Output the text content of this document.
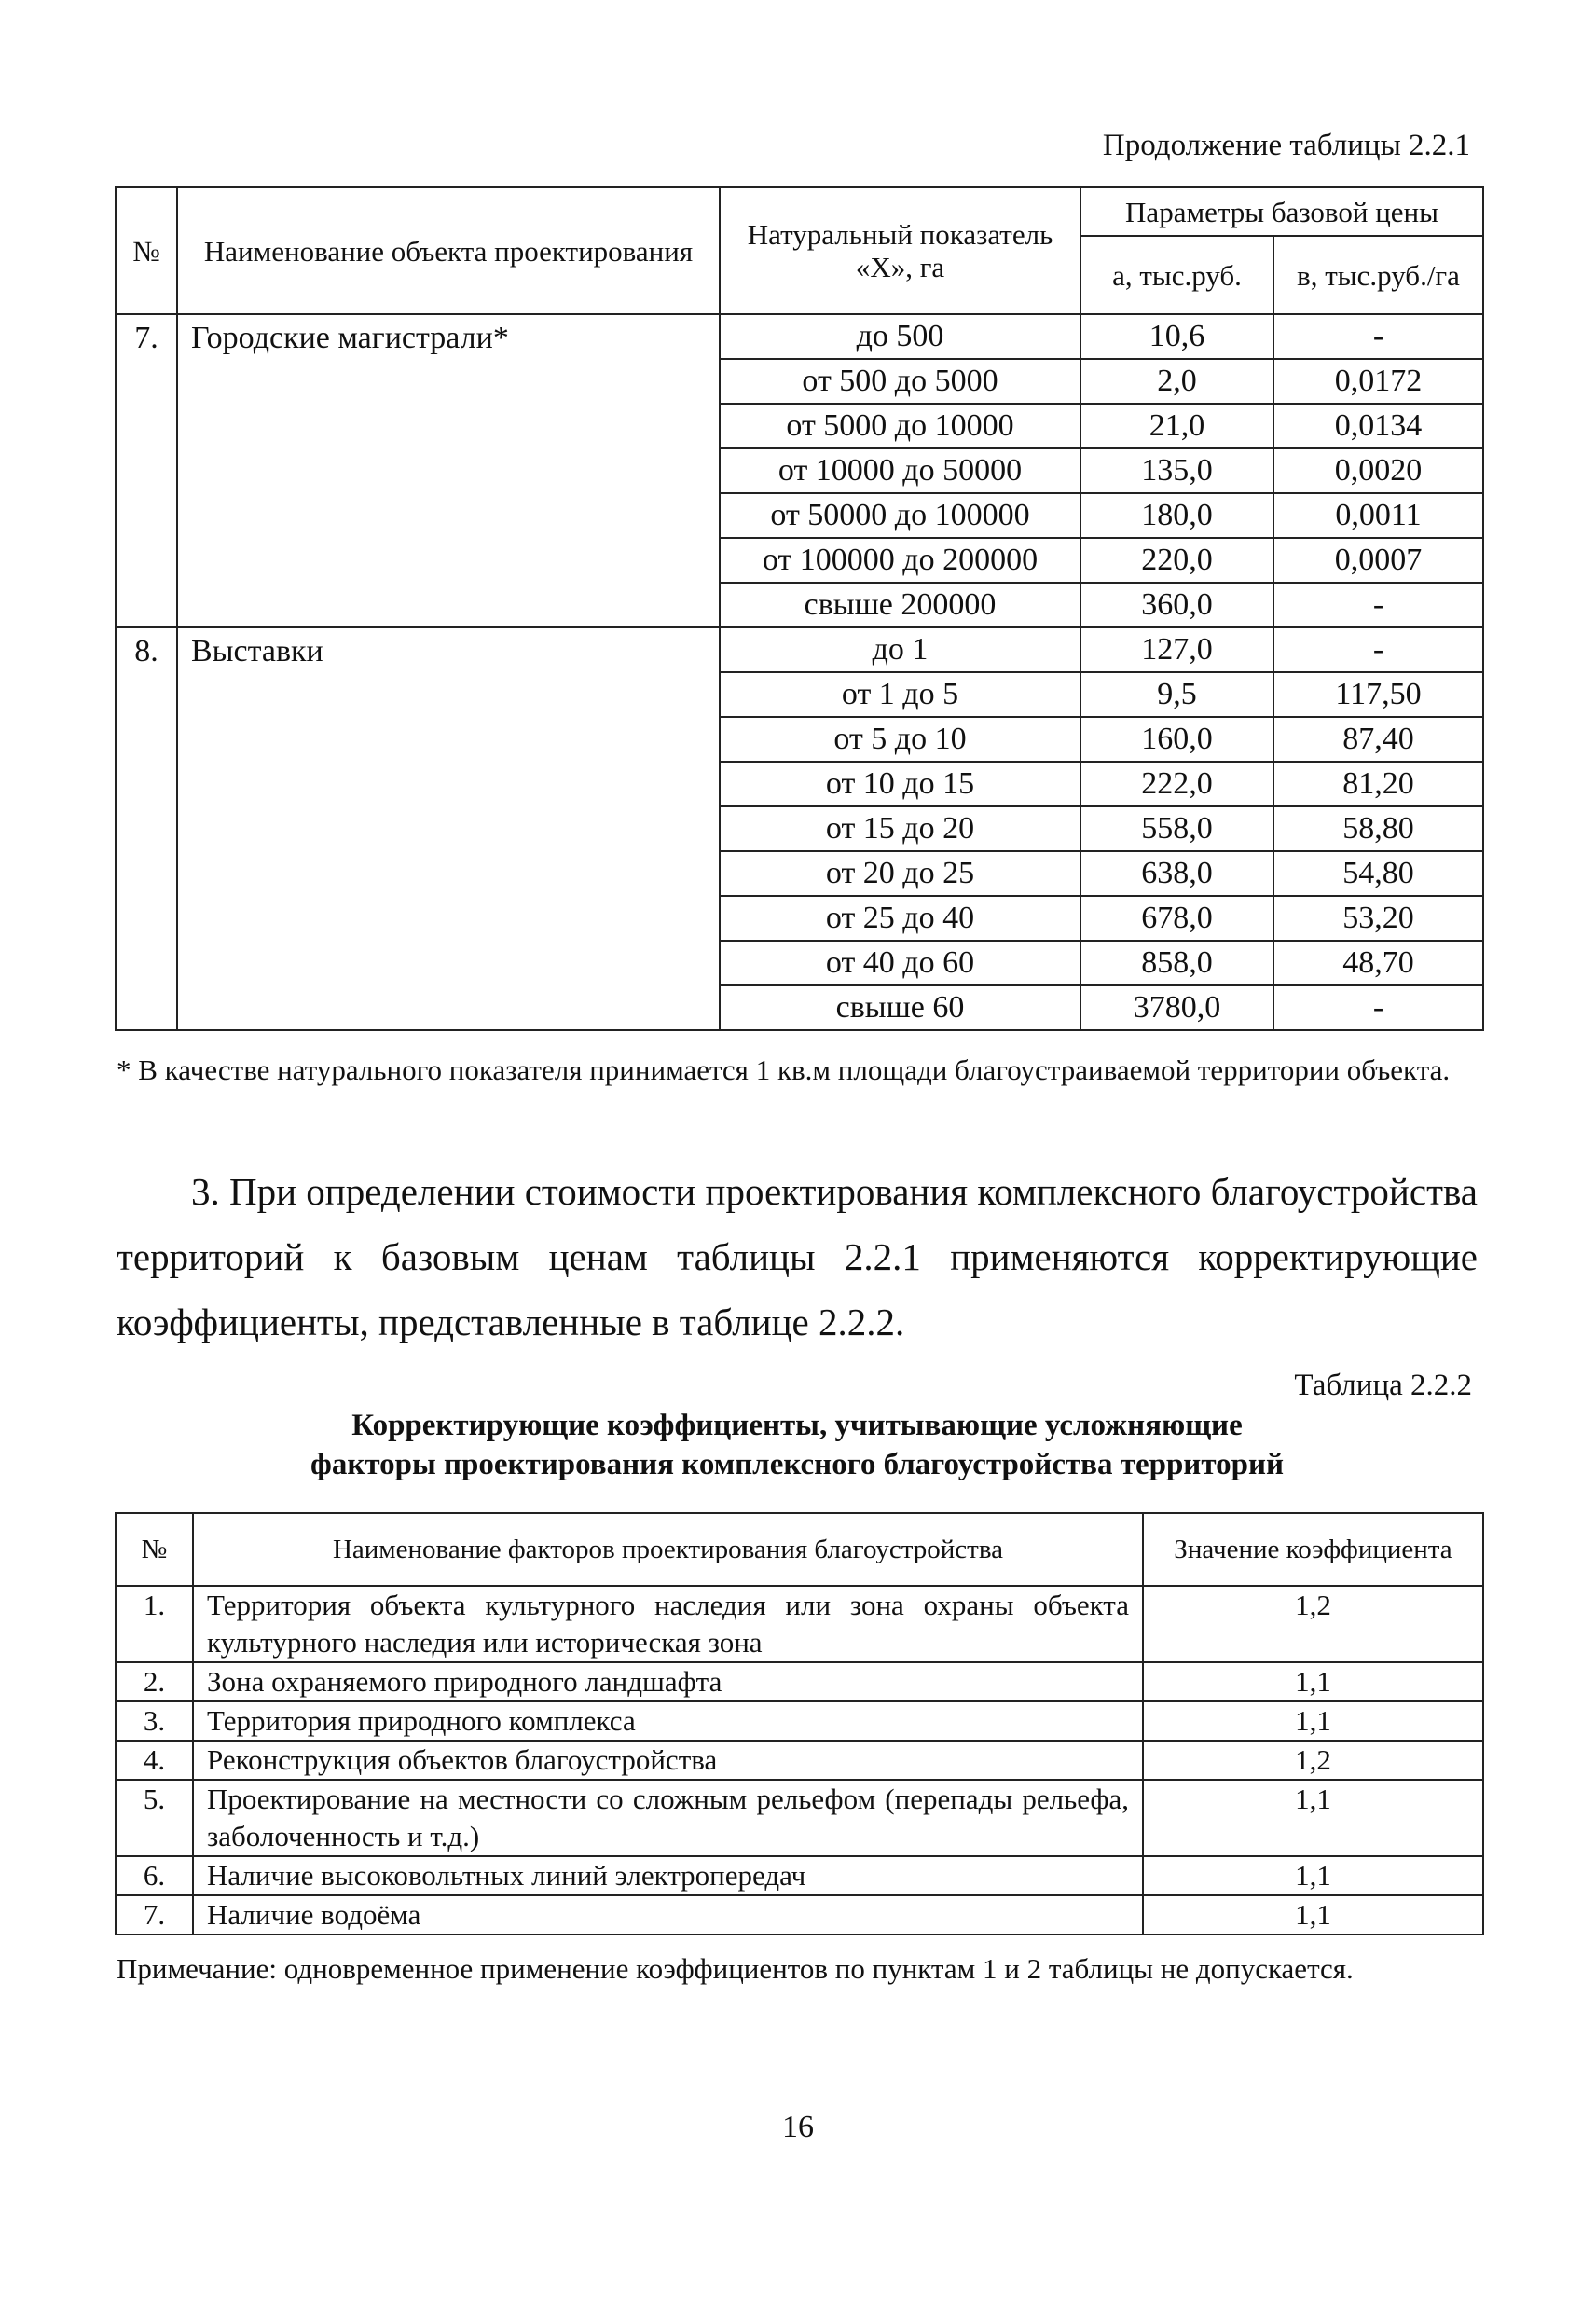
Продолжение таблицы 2.2.1
№	Наименование объекта проектирования	Натуральный показатель «Х», га	Параметры базовой цены	
			а, тыс.руб.	в, тыс.руб./га
7.	Городские магистрали*	до 500	10,6	-
		от 500 до 5000	2,0	0,0172
		от 5000 до 10000	21,0	0,0134
		от 10000 до 50000	135,0	0,0020
		от 50000 до 100000	180,0	0,0011
		от 100000 до 200000	220,0	0,0007
		свыше 200000	360,0	-
8.	Выставки	до 1	127,0	-
		от 1 до 5	9,5	117,50
		от 5 до 10	160,0	87,40
		от 10 до 15	222,0	81,20
		от 15 до 20	558,0	58,80
		от 20 до 25	638,0	54,80
		от 25 до 40	678,0	53,20
		от 40 до 60	858,0	48,70
		свыше 60	3780,0	-
* В качестве натурального показателя принимается 1 кв.м площади благоустраиваемой территории объекта.
3. При определении стоимости проектирования комплексного благоустройства территорий к базовым ценам таблицы 2.2.1 применяются корректирующие коэффициенты, представленные в таблице 2.2.2.
Таблица 2.2.2
Корректирующие коэффициенты, учитывающие усложняющие
факторы проектирования комплексного благоустройства территорий
№	Наименование факторов проектирования благоустройства	Значение коэффициента
1.	Территория объекта культурного наследия или зона охраны объекта культурного наследия или историческая зона	1,2
2.	Зона охраняемого природного ландшафта	1,1
3.	Территория природного комплекса	1,1
4.	Реконструкция объектов благоустройства	1,2
5.	Проектирование на местности со сложным рельефом (перепады рельефа, заболоченность и т.д.)	1,1
6.	Наличие высоковольтных линий электропередач	1,1
7.	Наличие водоёма	1,1
Примечание: одновременное применение коэффициентов по пунктам 1 и 2 таблицы не допускается.
16
